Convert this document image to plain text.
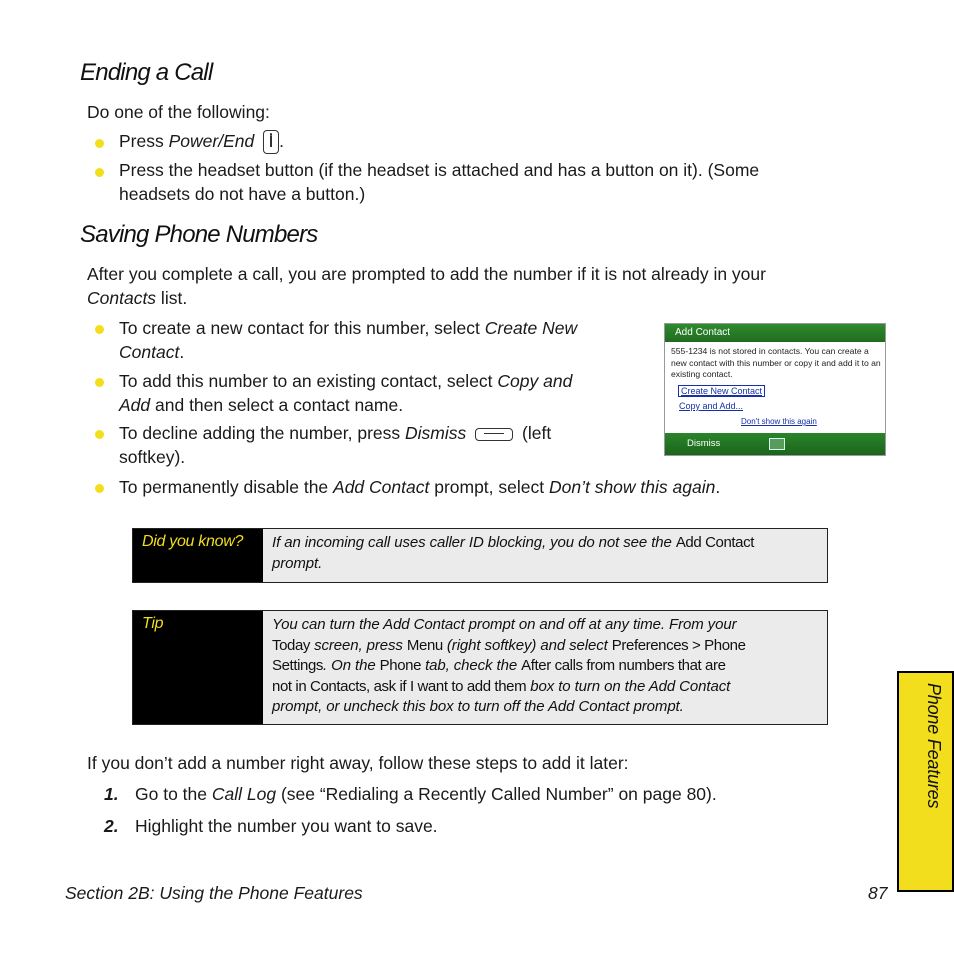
Ending a Call
Do one of the following:
Press Power/End .
Press the headset button (if the headset is attached and has a button on it). (Some
headsets do not have a button.)
Saving Phone Numbers
After you complete a call, you are prompted to add the number if it is not already in your
Contacts list.
To create a new contact for this number, select Create New
Contact.
To add this number to an existing contact, select Copy and
Add and then select a contact name.
To decline adding the number, press Dismiss	(left
softkey).
To permanently disable the Add Contact prompt, select Don’t show this again.
Add Contact
555-1234 is not stored in contacts. You can create a new contact with this number or copy it and add it to an existing contact.
Create New Contact
Copy and Add...
Don't show this again
Dismiss
Did you know?	If an incoming call uses caller ID blocking, you do not see the Add Contact
prompt.
Tip	You can turn the Add Contact prompt on and off at any time. From your
Today screen, press Menu (right softkey) and select Preferences > Phone
Settings. On the Phone tab, check the After calls from numbers that are
not in Contacts, ask if I want to add them box to turn on the Add Contact
prompt, or uncheck this box to turn off the Add Contact prompt.
If you don’t add a number right away, follow these steps to add it later:
1. Go to the Call Log (see “Redialing a Recently Called Number” on page 80).
2. Highlight the number you want to save.
Phone Features
Section 2B: Using the Phone Features	87
